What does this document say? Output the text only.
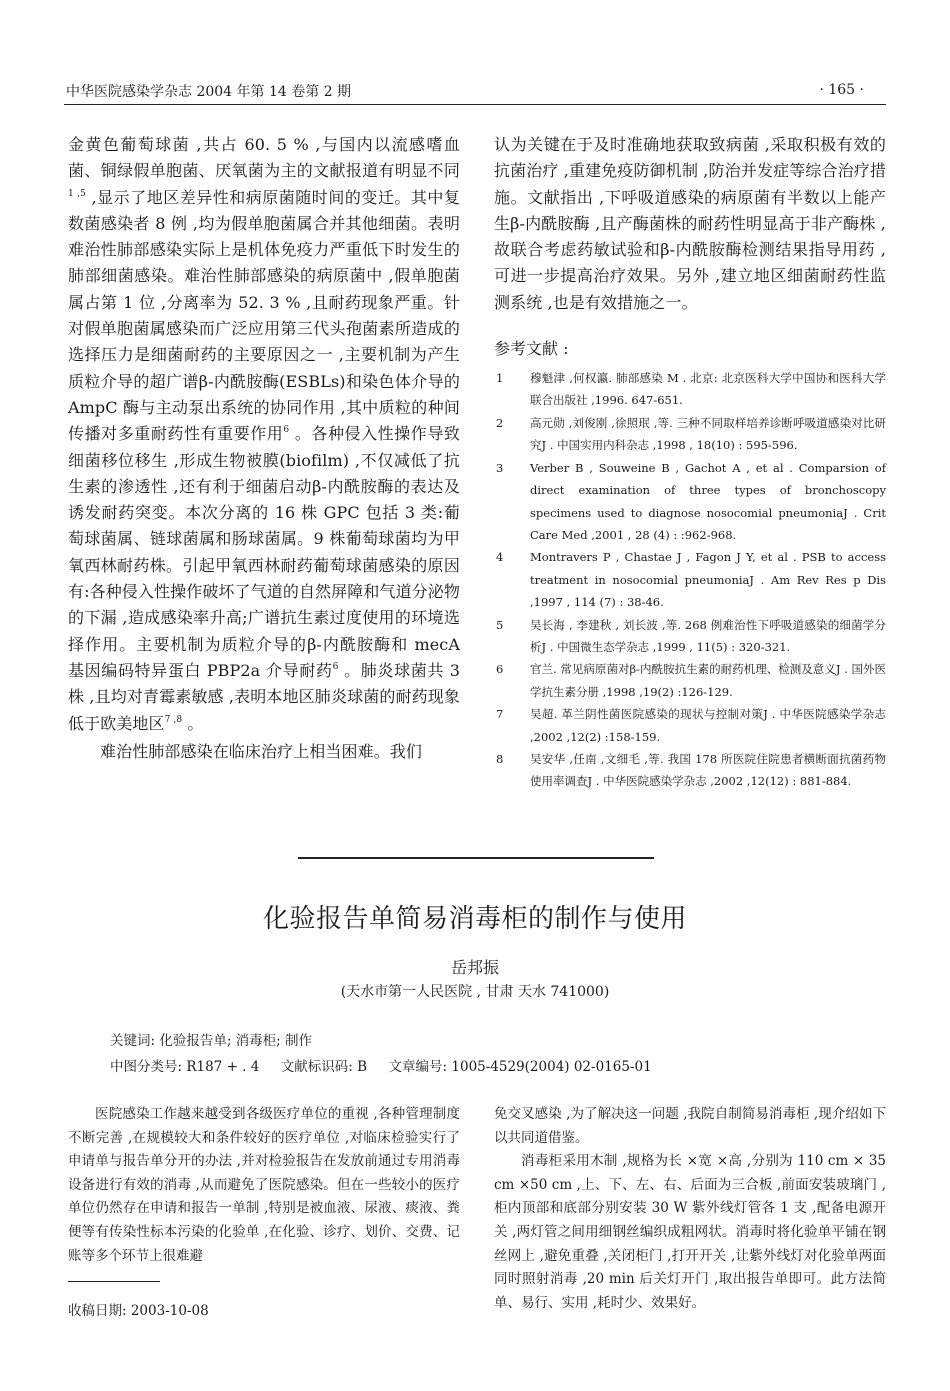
中华医院感染学杂志 2004 年第 14 卷第 2 期	· 165 ·

金黄色葡萄球菌 ,共占 60. 5 % ,与国内以流感嗜血菌、铜绿假单胞菌、厌氧菌为主的文献报道有明显不同$^{1 ,5}$ ,显示了地区差异性和病原菌随时间的变迁。其中复数菌感染者 8 例 ,均为假单胞菌属合并其他细菌。表明难治性肺部感染实际上是机体免疫力严重低下时发生的肺部细菌感染。难治性肺部感染的病原菌中 ,假单胞菌属占第 1 位 ,分离率为 52. 3 % ,且耐药现象严重。针对假单胞菌属感染而广泛应用第三代头孢菌素所造成的选择压力是细菌耐药的主要原因之一 ,主要机制为产生质粒介导的超广谱β-内酰胺酶(ESBLs)和染色体介导的 AmpC 酶与主动泵出系统的协同作用 ,其中质粒的种间传播对多重耐药性有重要作用$^6$ 。各种侵入性操作导致细菌移位移生 ,形成生物被膜(biofilm) ,不仅减低了抗生素的渗透性 ,还有利于细菌启动β-内酰胺酶的表达及诱发耐药突变。本次分离的 16 株 GPC 包括 3 类:葡萄球菌属、链球菌属和肠球菌属。9 株葡萄球菌均为甲氧西林耐药株。引起甲氧西林耐药葡萄球菌感染的原因有:各种侵入性操作破坏了气道的自然屏障和气道分泌物的下漏 ,造成感染率升高;广谱抗生素过度使用的环境选择作用。主要机制为质粒介导的β-内酰胺酶和 mecA 基因编码特异蛋白 PBP2a 介导耐药$^6$ 。肺炎球菌共 3 株 ,且均对青霉素敏感 ,表明本地区肺炎球菌的耐药现象低于欧美地区$^{7 ,8}$ 。

难治性肺部感染在临床治疗上相当困难。我们

认为关键在于及时准确地获取致病菌 ,采取积极有效的抗菌治疗 ,重建免疫防御机制 ,防治并发症等综合治疗措施。文献指出 ,下呼吸道感染的病原菌有半数以上能产生β-内酰胺酶 ,且产酶菌株的耐药性明显高于非产酶株 ,故联合考虑药敏试验和β-内酰胺酶检测结果指导用药 ,可进一步提高治疗效果。另外 ,建立地区细菌耐药性监测系统 ,也是有效措施之一。

参考文献 :
1	穆魁津 ,何权瀛. 肺部感染 M . 北京: 北京医科大学中国协和医科大学联合出版社 ,1996. 647-651.
2	高元勋 ,刘俊刚 ,徐照珉 ,等. 三种不同取样培养诊断呼吸道感染对比研究J . 中国实用内科杂志 ,1998 , 18(10) : 595-596.
3	Verber B , Souweine B , Gachot A , et al . Comparsion of direct examination of three types of bronchoscopy specimens used to diagnose nosocomial pneumoniaJ . Crit Care Med ,2001 , 28 (4) : :962-968.
4	Montravers P , Chastae J , Fagon J Y, et al . PSB to access treatment in nosocomial pneumoniaJ . Am Rev Res p Dis ,1997 , 114 (7) : 38-46.
5	吴长海 , 李建秋 , 刘长波 ,等. 268 例难治性下呼吸道感染的细菌学分析J . 中国微生态学杂志 ,1999 , 11(5) : 320-321.
6	官兰. 常见病原菌对β-内酰胺抗生素的耐药机理、检测及意义J . 国外医学抗生素分册 ,1998 ,19(2) :126-129.
7	吴超. 革兰阴性菌医院感染的现状与控制对策J . 中华医院感染学杂志 ,2002 ,12(2) :158-159.
8	吴安华 ,任南 ,文细毛 ,等. 我国 178 所医院住院患者横断面抗菌药物使用率调查J . 中华医院感染学杂志 ,2002 ,12(12) : 881-884.
化验报告单简易消毒柜的制作与使用
岳邦振
(天水市第一人民医院 , 甘肃 天水 741000)
关键词: 化验报告单; 消毒柜; 制作
中图分类号: R187 + . 4 文献标识码: B 文章编号: 1005-4529(2004) 02-0165-01

医院感染工作越来越受到各级医疗单位的重视 ,各种管理制度不断完善 ,在规模较大和条件较好的医疗单位 ,对临床检验实行了申请单与报告单分开的办法 ,并对检验报告在发放前通过专用消毒设备进行有效的消毒 ,从而避免了医院感染。但在一些较小的医疗单位仍然存在申请和报告一单制 ,特别是被血液、尿液、痰液、粪便等有传染性标本污染的化验单 ,在化验、诊疗、划价、交费、记账等多个环节上很难避

收稿日期: 2003-10-08

免交叉感染 ,为了解决这一问题 ,我院自制简易消毒柜 ,现介绍如下以共同道借鉴。

消毒柜采用木制 ,规格为长 ×宽 ×高 ,分别为 110 cm × 35 cm ×50 cm ,上、下、左、右、后面为三合板 ,前面安装玻璃门 ,柜内顶部和底部分别安装 30 W 紫外线灯管各 1 支 ,配备电源开关 ,两灯管之间用细钢丝编织成粗网状。消毒时将化验单平铺在钢丝网上 ,避免重叠 ,关闭柜门 ,打开开关 ,让紫外线灯对化验单两面同时照射消毒 ,20 min 后关灯开门 ,取出报告单即可。此方法简单、易行、实用 ,耗时少、效果好。
